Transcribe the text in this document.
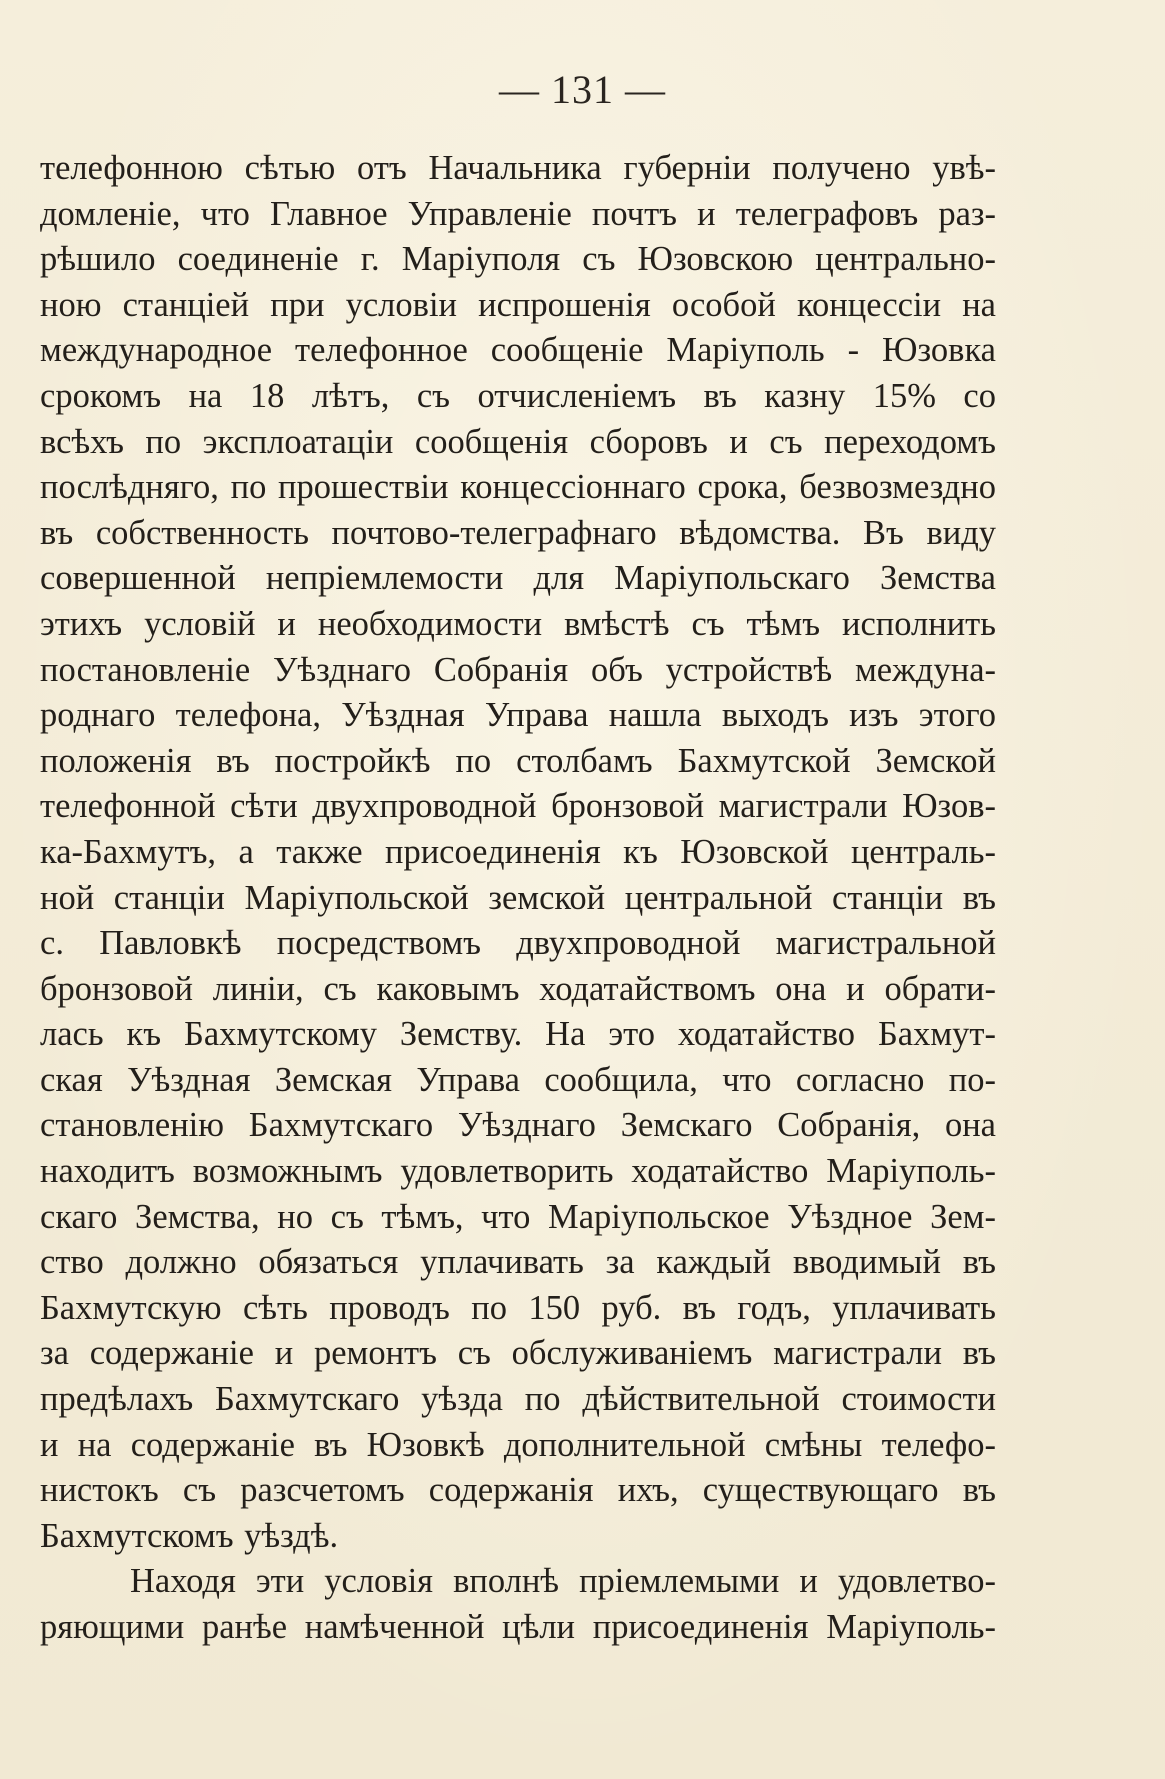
— 131 —
телефонною сѣтью отъ Начальника губерніи получено увѣ-
домленіе, что Главное Управленіе почтъ и телеграфовъ раз-
рѣшило соединеніе г. Маріуполя съ Юзовскою центрально-
ною станціей при условіи испрошенія особой концессіи на
международное телефонное сообщеніе Маріуполь - Юзовка
срокомъ на 18 лѣтъ, съ отчисленіемъ въ казну 15% со
всѣхъ по эксплоатаціи сообщенія сборовъ и съ переходомъ
послѣдняго, по прошествіи концессіоннаго срока, безвозмездно
въ собственность почтово-телеграфнаго вѣдомства. Въ виду
совершенной непріемлемости для Маріупольскаго Земства
этихъ условій и необходимости вмѣстѣ съ тѣмъ исполнить
постановленіе Уѣзднаго Собранія объ устройствѣ междуна-
роднаго телефона, Уѣздная Управа нашла выходъ изъ этого
положенія въ постройкѣ по столбамъ Бахмутской Земской
телефонной сѣти двухпроводной бронзовой магистрали Юзов-
ка-Бахмутъ, а также присоединенія къ Юзовской централь-
ной станціи Маріупольской земской центральной станціи въ
с. Павловкѣ посредствомъ двухпроводной магистральной
бронзовой линіи, съ каковымъ ходатайствомъ она и обрати-
лась къ Бахмутскому Земству. На это ходатайство Бахмут-
ская Уѣздная Земская Управа сообщила, что согласно по-
становленію Бахмутскаго Уѣзднаго Земскаго Собранія, она
находитъ возможнымъ удовлетворить ходатайство Маріуполь-
скаго Земства, но съ тѣмъ, что Маріупольское Уѣздное Зем-
ство должно обязаться уплачивать за каждый вводимый въ
Бахмутскую сѣть проводъ по 150 руб. въ годъ, уплачивать
за содержаніе и ремонтъ съ обслуживаніемъ магистрали въ
предѣлахъ Бахмутскаго уѣзда по дѣйствительной стоимости
и на содержаніе въ Юзовкѣ дополнительной смѣны телефо-
нистокъ съ разсчетомъ содержанія ихъ, существующаго въ
Бахмутскомъ уѣздѣ.
Находя эти условія вполнѣ пріемлемыми и удовлетво-
ряющими ранѣе намѣченной цѣли присоединенія Маріуполь-
